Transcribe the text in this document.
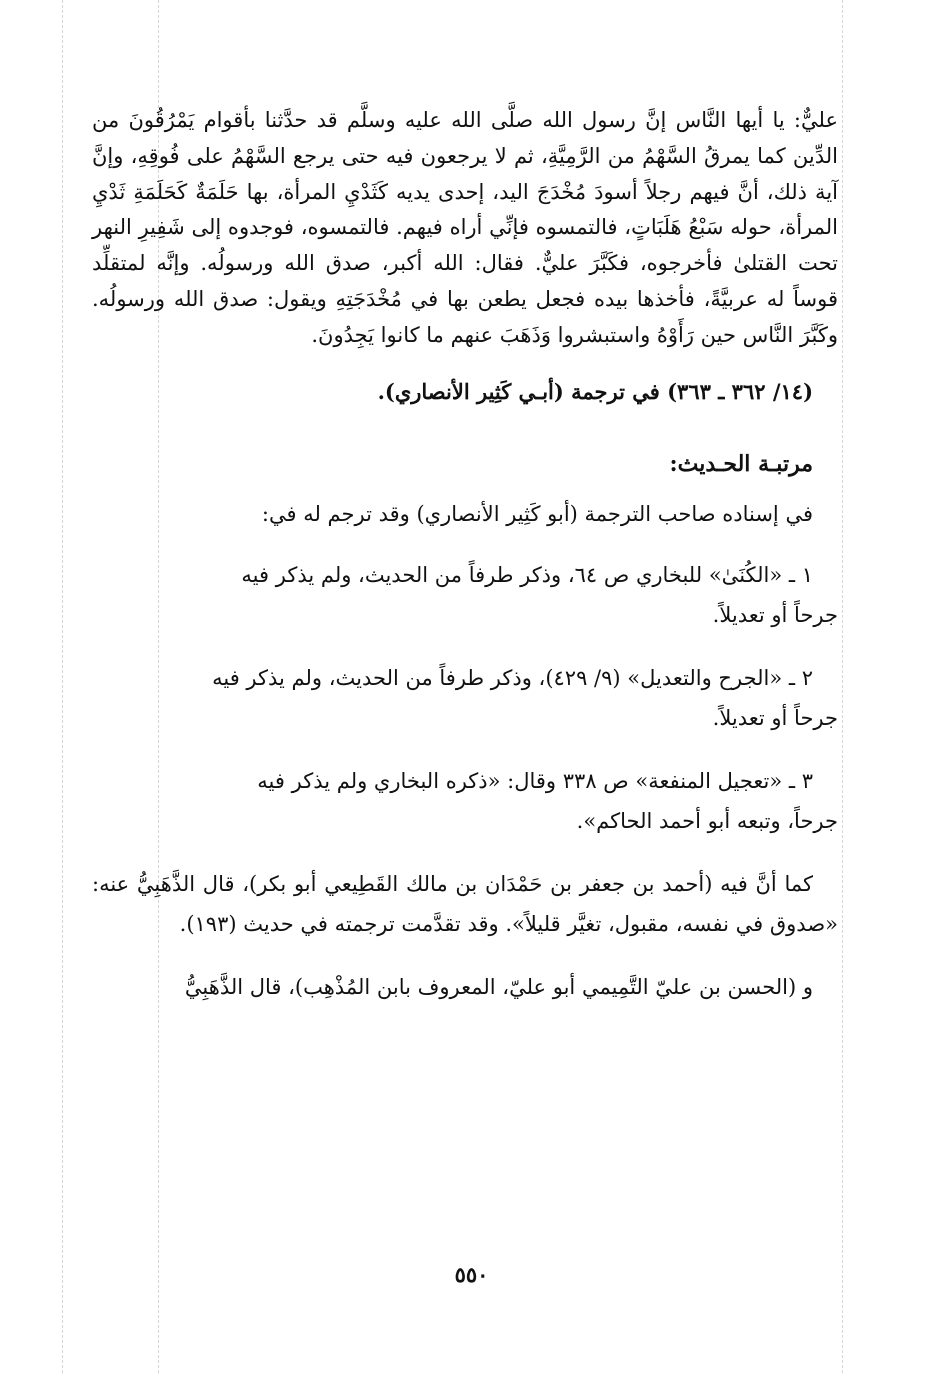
عليٌّ: يا أيها النَّاس إنَّ رسول الله صلَّى الله عليه وسلَّم قد حدَّثنا بأقوام يَمْرُقُونَ من الدِّين كما يمرقُ السَّهْمُ من الرَّمِيَّةِ، ثم لا يرجعون فيه حتى يرجع السَّهْمُ على فُوقِهِ، وإنَّ آية ذلك، أنَّ فيهم رجلاً أسودَ مُخْدَجَ اليد، إحدى يديه كَثَدْيِ المرأة، بها حَلَمَةٌ كَحَلَمَةِ ثَدْيِ المرأة، حوله سَبْعُ هَلَبَاتٍ، فالتمسوه فإنِّي أراه فيهم. فالتمسوه، فوجدوه إلى شَفِيرِ النهر تحت القتلىٰ فأخرجوه، فكَبَّرَ عليٌّ. فقال: الله أكبر، صدق الله ورسولُه. وإنَّه لمتقلِّد قوساً له عربيَّةً، فأخذها بيده فجعل يطعن بها في مُخْدَجَتِهِ ويقول: صدق الله ورسولُه. وكَبَّرَ النَّاس حين رَأَوْهُ واستبشروا وَذَهَبَ عنهم ما كانوا يَجِدُونَ.

(١٤/ ٣٦٢ ـ ٣٦٣) في ترجمة (أبـي كَثِير الأنصاري).

مرتبـة الحـديث:

في إسناده صاحب الترجمة (أبو كَثِير الأنصاري) وقد ترجم له في:

١ ـ «الكُنَىٰ» للبخاري ص ٦٤، وذكر طرفاً من الحديث، ولم يذكر فيه
جرحاً أو تعديلاً.

٢ ـ «الجرح والتعديل» (٩/ ٤٢٩)، وذكر طرفاً من الحديث، ولم يذكر فيه
جرحاً أو تعديلاً.

٣ ـ «تعجيل المنفعة» ص ٣٣٨ وقال: «ذكره البخاري ولم يذكر فيه
جرحاً، وتبعه أبو أحمد الحاكم».

كما أنَّ فيه (أحمد بن جعفر بن حَمْدَان بن مالك القَطِيعي أبو بكر)، قال الذَّهَبِيُّ عنه: «صدوق في نفسه، مقبول، تغيَّر قليلاً». وقد تقدَّمت ترجمته في حديث (١٩٣).

و (الحسن بن عليّ التَّمِيمي أبو عليّ، المعروف بابن المُذْهِب)، قال الذَّهَبِيُّ

٥٥٠
